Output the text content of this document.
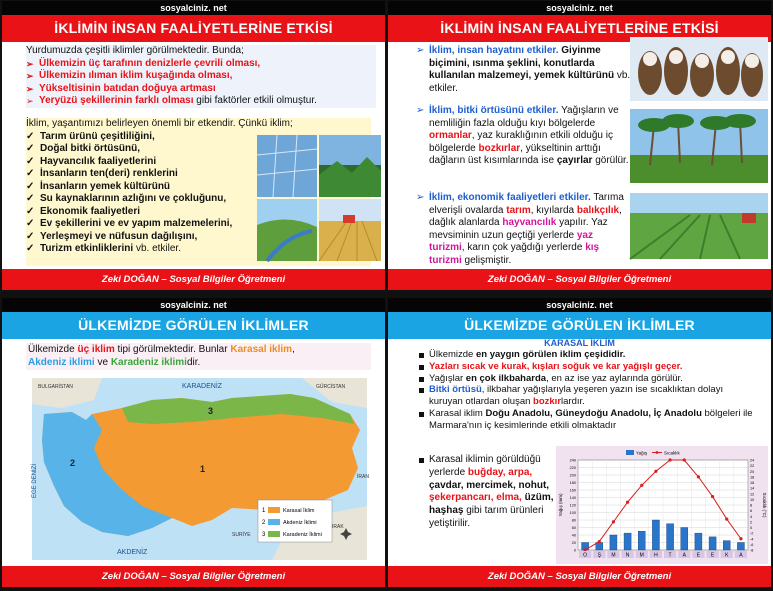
sosyalciniz. net
İKLİMİN İNSAN FAALİYETLERİNE ETKİSİ
Yurdumuzda çeşitli iklimler görülmektedir. Bunda;
➢ Ülkemizin üç tarafının denizlerle çevrili olması,
➢ Ülkemizin ılıman iklim kuşağında olması,
➢ Yükseltisinin batıdan doğuya artması
➢ Yeryüzü şekillerinin farklı olması gibi faktörler etkili olmuştur.
İklim, yaşantımızı belirleyen önemli bir etkendir. Çünkü iklim;
✓ Tarım ürünü çeşitliliğini,
✓ Doğal bitki örtüsünü,
✓ Hayvancılık faaliyetlerini
✓ İnsanların ten(deri) renklerini
✓ İnsanların yemek kültürünü
✓ Su kaynaklarının azlığını ve çokluğunu,
✓ Ekonomik faaliyetleri
✓ Ev şekillerini ve ev yapım malzemelerini,
✓ Yerleşmeyi ve nüfusun dağılışını,
✓ Turizm etkinliklerini vb. etkiler.
Zeki DOĞAN – Sosyal Bilgiler Öğretmeni
sosyalciniz. net
İKLİMİN İNSAN FAALİYETLERİNE ETKİSİ
➢ İklim, insan hayatını etkiler. Giyinme biçimini, ısınma şeklini, konutlarda kullanılan malzemeyi, yemek kültürünü vb. etkiler.
➢ İklim, bitki örtüsünü etkiler. Yağışların ve nemliliğin fazla olduğu kıyı bölgelerde ormanlar, yaz kuraklığının etkili olduğu iç bölgelerde bozkırlar, yükseltinin arttığı dağların üst kısımlarında ise çayırlar görülür.
➢ İklim, ekonomik faaliyetleri etkiler. Tarıma elverişli ovalarda tarım, kıyılarda balıkçılık, dağlık alanlarda hayvancılık yapılır. Yaz mevsiminin uzun geçtiği yerlerde yaz turizmi, karın çok yağdığı yerlerde kış turizmi gelişmiştir.
Zeki DOĞAN – Sosyal Bilgiler Öğretmeni
sosyalciniz. net
ÜLKEMİZDE GÖRÜLEN İKLİMLER
Ülkemizde üç iklim tipi görülmektedir. Bunlar Karasal iklim,
Akdeniz iklimi ve Karadeniz iklimidir.
KARADENİZ
AKDENİZ
EGE DENİZİ
BULGARİSTAN	GÜRCİSTAN
SURİYE
IRAK
İRAN
1
2
3
1	Karasal İklim
2	Akdeniz İklimi
3	Karadeniz İklimi
Zeki DOĞAN – Sosyal Bilgiler Öğretmeni
sosyalciniz. net
ÜLKEMİZDE GÖRÜLEN İKLİMLER
KARASAL İKLİM
Ülkemizde en yaygın görülen iklim çeşididir.
Yazları sıcak ve kurak, kışları soğuk ve kar yağışlı geçer.
Yağışlar en çok ilkbaharda, en az ise yaz aylarında görülür.
Bitki örtüsü, ilkbahar yağışlarıyla yeşeren yazın ise sıcaklıktan dolayı kuruyan otlardan oluşan bozkırlardır.
Karasal iklim Doğu Anadolu, Güneydoğu Anadolu, İç Anadolu bölgeleri ile Marmara'nın iç kesimlerinde etkili olmaktadır
Karasal iklimin görüldüğü yerlerde buğday, arpa, çavdar, mercimek, nohut, şekerpancarı, elma, üzüm, haşhaş gibi tarım ürünleri yetiştirilir.
240
220
200
180
160
140
120
100
80
60
40
20
0
24
22
20
18
16
14
12
10
8
6
4
2
0
-2
-4
-6
-8
O Ş M N M H T A E E K A
Yağış (mm)	Sıcaklık (°C)
Yağış	Sıcaklık
Zeki DOĞAN – Sosyal Bilgiler Öğretmeni
